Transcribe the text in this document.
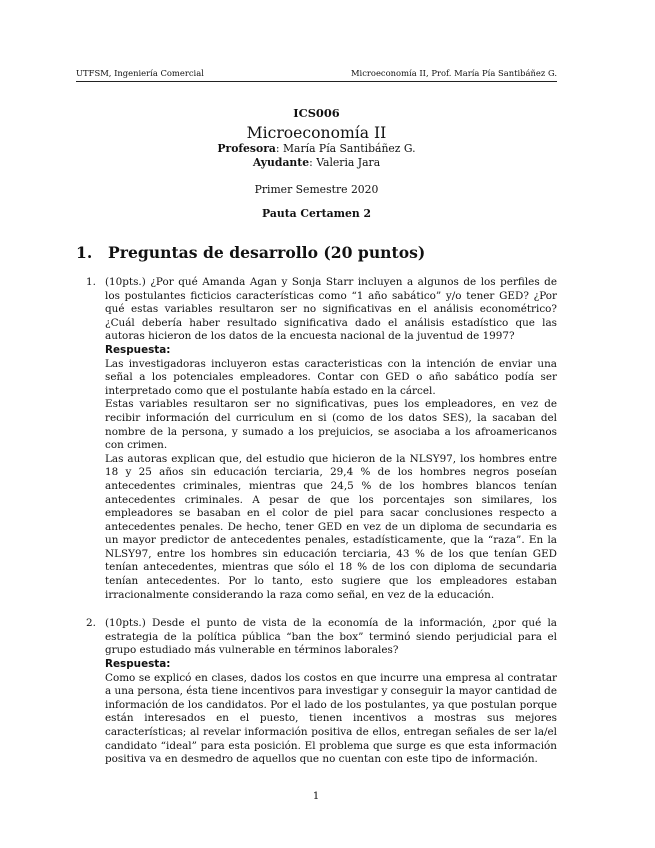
UTFSM, Ingeniería Comercial	Microeconomía II, Prof. María Pía Santibáñez G.
ICS006
Microeconomía II
Profesora: María Pía Santibáñez G.
Ayudante: Valeria Jara
Primer Semestre 2020
Pauta Certamen 2
1.	Preguntas de desarrollo (20 puntos)
1. (10pts.) ¿Por qué Amanda Agan y Sonja Starr incluyen a algunos de los perfiles de los postulantes ficticios características como “1 año sabático” y/o tener GED? ¿Por qué estas variables resultaron ser no significativas en el análisis econométrico? ¿Cuál debería haber resultado significativa dado el análisis estadístico que las autoras hicieron de los datos de la encuesta nacional de la juventud de 1997?

Respuesta:

Las investigadoras incluyeron estas caracteristicas con la intención de enviar una señal a los potenciales empleadores. Contar con GED o año sabático podía ser interpretado como que el postulante había estado en la cárcel.

Estas variables resultaron ser no significativas, pues los empleadores, en vez de recibir información del curriculum en si (como de los datos SES), la sacaban del nombre de la persona, y sumado a los prejuicios, se asociaba a los afroamericanos con crimen.

Las autoras explican que, del estudio que hicieron de la NLSY97, los hombres entre 18 y 25 años sin educación terciaria, 29,4 % de los hombres negros poseían antecedentes criminales, mientras que 24,5 % de los hombres blancos tenían antecedentes criminales. A pesar de que los porcentajes son similares, los empleadores se basaban en el color de piel para sacar conclusiones respecto a antecedentes penales. De hecho, tener GED en vez de un diploma de secundaria es un mayor predictor de antecedentes penales, estadísticamente, que la “raza”. En la NLSY97, entre los hombres sin educación terciaria, 43 % de los que tenían GED tenían antecedentes, mientras que sólo el 18 % de los con diploma de secundaria tenían antecedentes. Por lo tanto, esto sugiere que los empleadores estaban irracionalmente considerando la raza como señal, en vez de la educación.

2. (10pts.) Desde el punto de vista de la economía de la información, ¿por qué la estrategia de la política pública “ban the box” terminó siendo perjudicial para el grupo estudiado más vulnerable en términos laborales?

Respuesta:

Como se explicó en clases, dados los costos en que incurre una empresa al contratar a una persona, ésta tiene incentivos para investigar y conseguir la mayor cantidad de información de los candidatos. Por el lado de los postulantes, ya que postulan porque están interesados en el puesto, tienen incentivos a mostras sus mejores características; al revelar información positiva de ellos, entregan señales de ser la/el candidato “ideal” para esta posición. El problema que surge es que esta información positiva va en desmedro de aquellos que no cuentan con este tipo de información.

1
